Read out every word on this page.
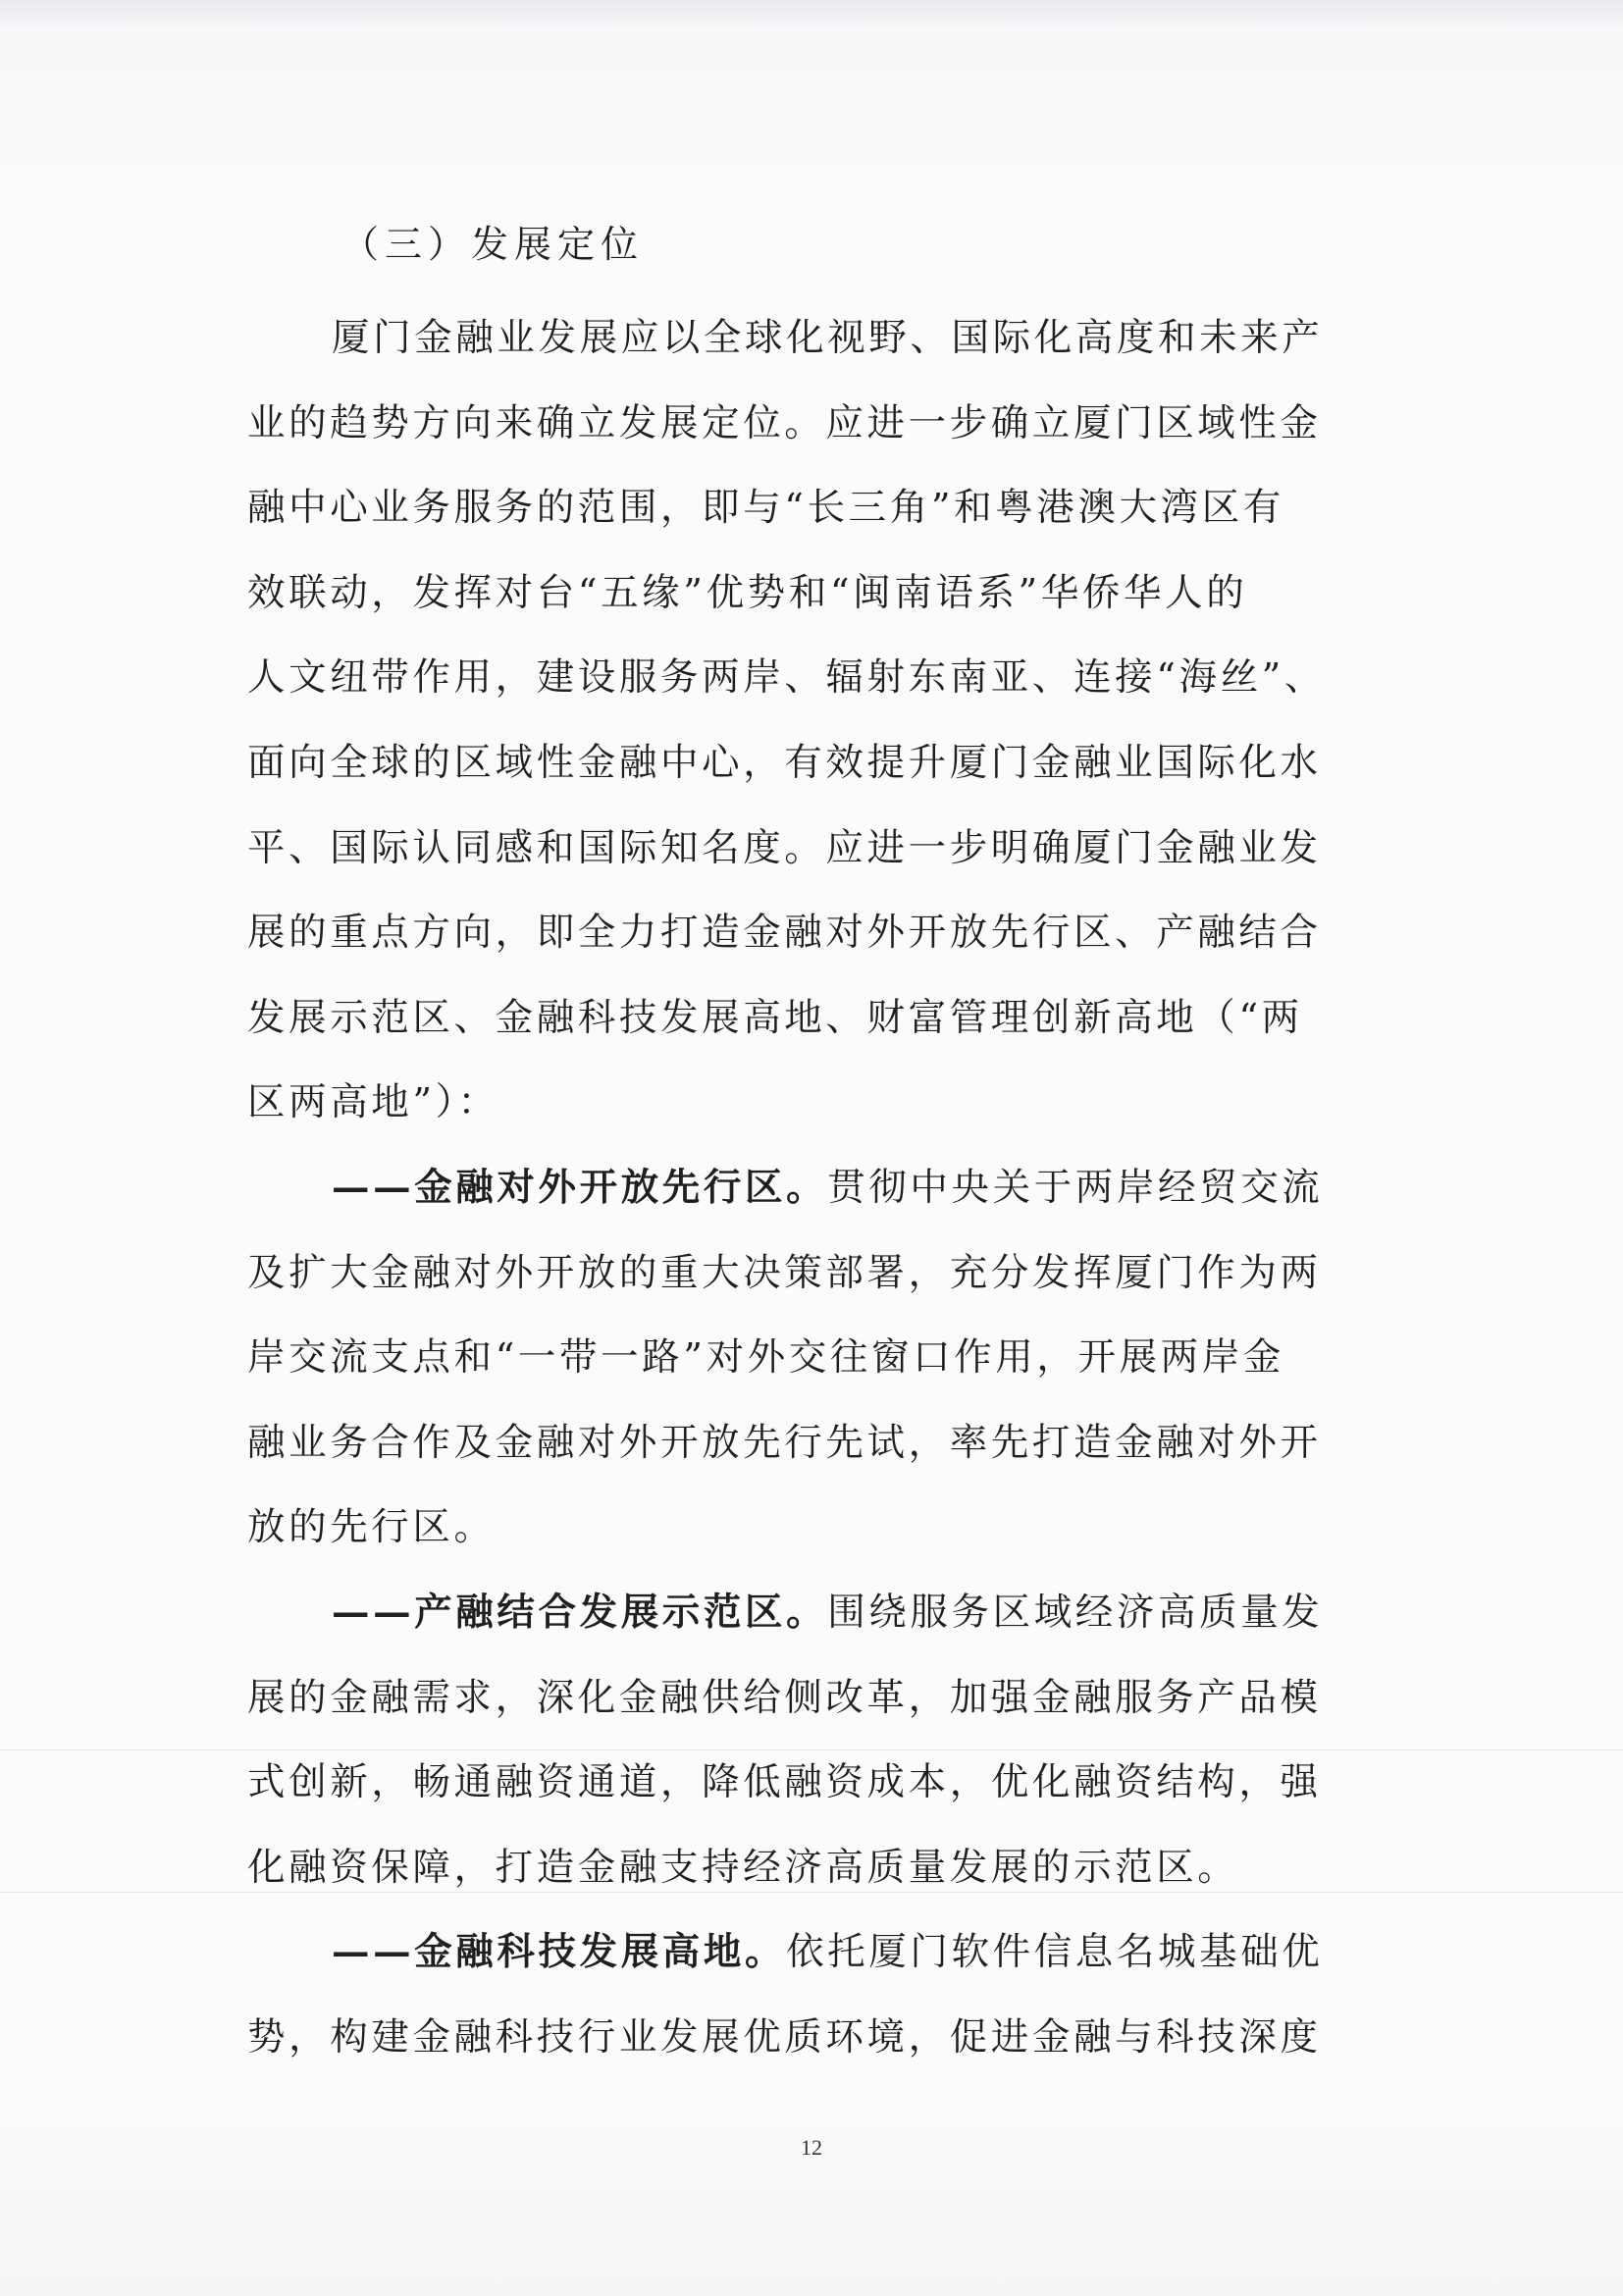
（三）发展定位
厦门金融业发展应以全球化视野、国际化高度和未来产
业的趋势方向来确立发展定位。应进一步确立厦门区域性金
融中心业务服务的范围，即与“长三角”和粤港澳大湾区有
效联动，发挥对台“五缘”优势和“闽南语系”华侨华人的
人文纽带作用，建设服务两岸、辐射东南亚、连接“海丝”、
面向全球的区域性金融中心，有效提升厦门金融业国际化水
平、国际认同感和国际知名度。应进一步明确厦门金融业发
展的重点方向，即全力打造金融对外开放先行区、产融结合
发展示范区、金融科技发展高地、财富管理创新高地（“两
区两高地”）：
——金融对外开放先行区。贯彻中央关于两岸经贸交流
及扩大金融对外开放的重大决策部署，充分发挥厦门作为两
岸交流支点和“一带一路”对外交往窗口作用，开展两岸金
融业务合作及金融对外开放先行先试，率先打造金融对外开
放的先行区。
——产融结合发展示范区。围绕服务区域经济高质量发
展的金融需求，深化金融供给侧改革，加强金融服务产品模
式创新，畅通融资通道，降低融资成本，优化融资结构，强
化融资保障，打造金融支持经济高质量发展的示范区。
——金融科技发展高地。依托厦门软件信息名城基础优
势，构建金融科技行业发展优质环境，促进金融与科技深度
12
